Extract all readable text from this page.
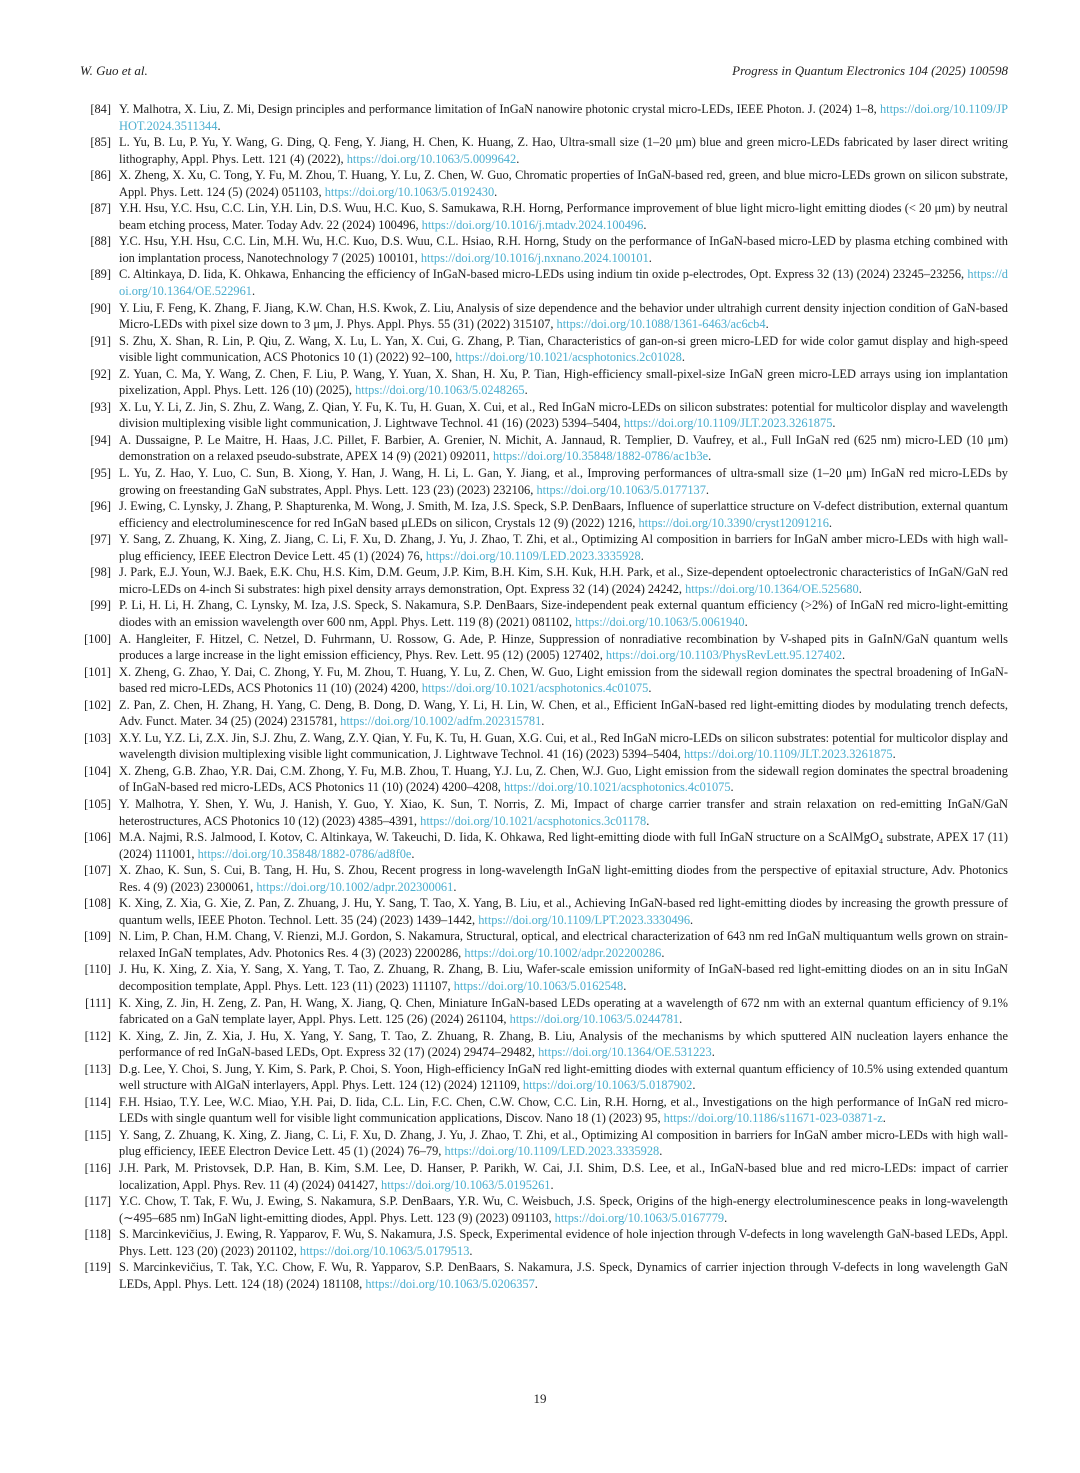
W. Guo et al.	Progress in Quantum Electronics 104 (2025) 100598
[84] Y. Malhotra, X. Liu, Z. Mi, Design principles and performance limitation of InGaN nanowire photonic crystal micro-LEDs, IEEE Photon. J. (2024) 1–8, https://doi.org/10.1109/JPHOT.2024.3511344.
[85] L. Yu, B. Lu, P. Yu, Y. Wang, G. Ding, Q. Feng, Y. Jiang, H. Chen, K. Huang, Z. Hao, Ultra-small size (1–20 μm) blue and green micro-LEDs fabricated by laser direct writing lithography, Appl. Phys. Lett. 121 (4) (2022), https://doi.org/10.1063/5.0099642.
[86] X. Zheng, X. Xu, C. Tong, Y. Fu, M. Zhou, T. Huang, Y. Lu, Z. Chen, W. Guo, Chromatic properties of InGaN-based red, green, and blue micro-LEDs grown on silicon substrate, Appl. Phys. Lett. 124 (5) (2024) 051103, https://doi.org/10.1063/5.0192430.
[87] Y.H. Hsu, Y.C. Hsu, C.C. Lin, Y.H. Lin, D.S. Wuu, H.C. Kuo, S. Samukawa, R.H. Horng, Performance improvement of blue light micro-light emitting diodes (< 20 μm) by neutral beam etching process, Mater. Today Adv. 22 (2024) 100496, https://doi.org/10.1016/j.mtadv.2024.100496.
[88] Y.C. Hsu, Y.H. Hsu, C.C. Lin, M.H. Wu, H.C. Kuo, D.S. Wuu, C.L. Hsiao, R.H. Horng, Study on the performance of InGaN-based micro-LED by plasma etching combined with ion implantation process, Nanotechnology 7 (2025) 100101, https://doi.org/10.1016/j.nxnano.2024.100101.
[89] C. Altinkaya, D. Iida, K. Ohkawa, Enhancing the efficiency of InGaN-based micro-LEDs using indium tin oxide p-electrodes, Opt. Express 32 (13) (2024) 23245–23256, https://doi.org/10.1364/OE.522961.
[90] Y. Liu, F. Feng, K. Zhang, F. Jiang, K.W. Chan, H.S. Kwok, Z. Liu, Analysis of size dependence and the behavior under ultrahigh current density injection condition of GaN-based Micro-LEDs with pixel size down to 3 μm, J. Phys. Appl. Phys. 55 (31) (2022) 315107, https://doi.org/10.1088/1361-6463/ac6cb4.
[91] S. Zhu, X. Shan, R. Lin, P. Qiu, Z. Wang, X. Lu, L. Yan, X. Cui, G. Zhang, P. Tian, Characteristics of gan-on-si green micro-LED for wide color gamut display and high-speed visible light communication, ACS Photonics 10 (1) (2022) 92–100, https://doi.org/10.1021/acsphotonics.2c01028.
[92] Z. Yuan, C. Ma, Y. Wang, Z. Chen, F. Liu, P. Wang, Y. Yuan, X. Shan, H. Xu, P. Tian, High-efficiency small-pixel-size InGaN green micro-LED arrays using ion implantation pixelization, Appl. Phys. Lett. 126 (10) (2025), https://doi.org/10.1063/5.0248265.
[93] X. Lu, Y. Li, Z. Jin, S. Zhu, Z. Wang, Z. Qian, Y. Fu, K. Tu, H. Guan, X. Cui, et al., Red InGaN micro-LEDs on silicon substrates: potential for multicolor display and wavelength division multiplexing visible light communication, J. Lightwave Technol. 41 (16) (2023) 5394–5404, https://doi.org/10.1109/JLT.2023.3261875.
[94] A. Dussaigne, P. Le Maitre, H. Haas, J.C. Pillet, F. Barbier, A. Grenier, N. Michit, A. Jannaud, R. Templier, D. Vaufrey, et al., Full InGaN red (625 nm) micro-LED (10 μm) demonstration on a relaxed pseudo-substrate, APEX 14 (9) (2021) 092011, https://doi.org/10.35848/1882-0786/ac1b3e.
[95] L. Yu, Z. Hao, Y. Luo, C. Sun, B. Xiong, Y. Han, J. Wang, H. Li, L. Gan, Y. Jiang, et al., Improving performances of ultra-small size (1–20 μm) InGaN red micro-LEDs by growing on freestanding GaN substrates, Appl. Phys. Lett. 123 (23) (2023) 232106, https://doi.org/10.1063/5.0177137.
[96] J. Ewing, C. Lynsky, J. Zhang, P. Shapturenka, M. Wong, J. Smith, M. Iza, J.S. Speck, S.P. DenBaars, Influence of superlattice structure on V-defect distribution, external quantum efficiency and electroluminescence for red InGaN based μLEDs on silicon, Crystals 12 (9) (2022) 1216, https://doi.org/10.3390/cryst12091216.
[97] Y. Sang, Z. Zhuang, K. Xing, Z. Jiang, C. Li, F. Xu, D. Zhang, J. Yu, J. Zhao, T. Zhi, et al., Optimizing Al composition in barriers for InGaN amber micro-LEDs with high wall-plug efficiency, IEEE Electron Device Lett. 45 (1) (2024) 76, https://doi.org/10.1109/LED.2023.3335928.
[98] J. Park, E.J. Youn, W.J. Baek, E.K. Chu, H.S. Kim, D.M. Geum, J.P. Kim, B.H. Kim, S.H. Kuk, H.H. Park, et al., Size-dependent optoelectronic characteristics of InGaN/GaN red micro-LEDs on 4-inch Si substrates: high pixel density arrays demonstration, Opt. Express 32 (14) (2024) 24242, https://doi.org/10.1364/OE.525680.
[99] P. Li, H. Li, H. Zhang, C. Lynsky, M. Iza, J.S. Speck, S. Nakamura, S.P. DenBaars, Size-independent peak external quantum efficiency (>2%) of InGaN red micro-light-emitting diodes with an emission wavelength over 600 nm, Appl. Phys. Lett. 119 (8) (2021) 081102, https://doi.org/10.1063/5.0061940.
[100] A. Hangleiter, F. Hitzel, C. Netzel, D. Fuhrmann, U. Rossow, G. Ade, P. Hinze, Suppression of nonradiative recombination by V-shaped pits in GaInN/GaN quantum wells produces a large increase in the light emission efficiency, Phys. Rev. Lett. 95 (12) (2005) 127402, https://doi.org/10.1103/PhysRevLett.95.127402.
[101] X. Zheng, G. Zhao, Y. Dai, C. Zhong, Y. Fu, M. Zhou, T. Huang, Y. Lu, Z. Chen, W. Guo, Light emission from the sidewall region dominates the spectral broadening of InGaN-based red micro-LEDs, ACS Photonics 11 (10) (2024) 4200, https://doi.org/10.1021/acsphotonics.4c01075.
[102] Z. Pan, Z. Chen, H. Zhang, H. Yang, C. Deng, B. Dong, D. Wang, Y. Li, H. Lin, W. Chen, et al., Efficient InGaN-based red light-emitting diodes by modulating trench defects, Adv. Funct. Mater. 34 (25) (2024) 2315781, https://doi.org/10.1002/adfm.202315781.
[103] X.Y. Lu, Y.Z. Li, Z.X. Jin, S.J. Zhu, Z. Wang, Z.Y. Qian, Y. Fu, K. Tu, H. Guan, X.G. Cui, et al., Red InGaN micro-LEDs on silicon substrates: potential for multicolor display and wavelength division multiplexing visible light communication, J. Lightwave Technol. 41 (16) (2023) 5394–5404, https://doi.org/10.1109/JLT.2023.3261875.
[104] X. Zheng, G.B. Zhao, Y.R. Dai, C.M. Zhong, Y. Fu, M.B. Zhou, T. Huang, Y.J. Lu, Z. Chen, W.J. Guo, Light emission from the sidewall region dominates the spectral broadening of InGaN-based red micro-LEDs, ACS Photonics 11 (10) (2024) 4200–4208, https://doi.org/10.1021/acsphotonics.4c01075.
[105] Y. Malhotra, Y. Shen, Y. Wu, J. Hanish, Y. Guo, Y. Xiao, K. Sun, T. Norris, Z. Mi, Impact of charge carrier transfer and strain relaxation on red-emitting InGaN/GaN heterostructures, ACS Photonics 10 (12) (2023) 4385–4391, https://doi.org/10.1021/acsphotonics.3c01178.
[106] M.A. Najmi, R.S. Jalmood, I. Kotov, C. Altinkaya, W. Takeuchi, D. Iida, K. Ohkawa, Red light-emitting diode with full InGaN structure on a ScAlMgO₄ substrate, APEX 17 (11) (2024) 111001, https://doi.org/10.35848/1882-0786/ad8f0e.
[107] X. Zhao, K. Sun, S. Cui, B. Tang, H. Hu, S. Zhou, Recent progress in long-wavelength InGaN light-emitting diodes from the perspective of epitaxial structure, Adv. Photonics Res. 4 (9) (2023) 2300061, https://doi.org/10.1002/adpr.202300061.
[108] K. Xing, Z. Xia, G. Xie, Z. Pan, Z. Zhuang, J. Hu, Y. Sang, T. Tao, X. Yang, B. Liu, et al., Achieving InGaN-based red light-emitting diodes by increasing the growth pressure of quantum wells, IEEE Photon. Technol. Lett. 35 (24) (2023) 1439–1442, https://doi.org/10.1109/LPT.2023.3330496.
[109] N. Lim, P. Chan, H.M. Chang, V. Rienzi, M.J. Gordon, S. Nakamura, Structural, optical, and electrical characterization of 643 nm red InGaN multiquantum wells grown on strain-relaxed InGaN templates, Adv. Photonics Res. 4 (3) (2023) 2200286, https://doi.org/10.1002/adpr.202200286.
[110] J. Hu, K. Xing, Z. Xia, Y. Sang, X. Yang, T. Tao, Z. Zhuang, R. Zhang, B. Liu, Wafer-scale emission uniformity of InGaN-based red light-emitting diodes on an in situ InGaN decomposition template, Appl. Phys. Lett. 123 (11) (2023) 111107, https://doi.org/10.1063/5.0162548.
[111] K. Xing, Z. Jin, H. Zeng, Z. Pan, H. Wang, X. Jiang, Q. Chen, Miniature InGaN-based LEDs operating at a wavelength of 672 nm with an external quantum efficiency of 9.1% fabricated on a GaN template layer, Appl. Phys. Lett. 125 (26) (2024) 261104, https://doi.org/10.1063/5.0244781.
[112] K. Xing, Z. Jin, Z. Xia, J. Hu, X. Yang, Y. Sang, T. Tao, Z. Zhuang, R. Zhang, B. Liu, Analysis of the mechanisms by which sputtered AlN nucleation layers enhance the performance of red InGaN-based LEDs, Opt. Express 32 (17) (2024) 29474–29482, https://doi.org/10.1364/OE.531223.
[113] D.g. Lee, Y. Choi, S. Jung, Y. Kim, S. Park, P. Choi, S. Yoon, High-efficiency InGaN red light-emitting diodes with external quantum efficiency of 10.5% using extended quantum well structure with AlGaN interlayers, Appl. Phys. Lett. 124 (12) (2024) 121109, https://doi.org/10.1063/5.0187902.
[114] F.H. Hsiao, T.Y. Lee, W.C. Miao, Y.H. Pai, D. Iida, C.L. Lin, F.C. Chen, C.W. Chow, C.C. Lin, R.H. Horng, et al., Investigations on the high performance of InGaN red micro-LEDs with single quantum well for visible light communication applications, Discov. Nano 18 (1) (2023) 95, https://doi.org/10.1186/s11671-023-03871-z.
[115] Y. Sang, Z. Zhuang, K. Xing, Z. Jiang, C. Li, F. Xu, D. Zhang, J. Yu, J. Zhao, T. Zhi, et al., Optimizing Al composition in barriers for InGaN amber micro-LEDs with high wall-plug efficiency, IEEE Electron Device Lett. 45 (1) (2024) 76–79, https://doi.org/10.1109/LED.2023.3335928.
[116] J.H. Park, M. Pristovsek, D.P. Han, B. Kim, S.M. Lee, D. Hanser, P. Parikh, W. Cai, J.I. Shim, D.S. Lee, et al., InGaN-based blue and red micro-LEDs: impact of carrier localization, Appl. Phys. Rev. 11 (4) (2024) 041427, https://doi.org/10.1063/5.0195261.
[117] Y.C. Chow, T. Tak, F. Wu, J. Ewing, S. Nakamura, S.P. DenBaars, Y.R. Wu, C. Weisbuch, J.S. Speck, Origins of the high-energy electroluminescence peaks in long-wavelength (∼495–685 nm) InGaN light-emitting diodes, Appl. Phys. Lett. 123 (9) (2023) 091103, https://doi.org/10.1063/5.0167779.
[118] S. Marcinkevičius, J. Ewing, R. Yapparov, F. Wu, S. Nakamura, J.S. Speck, Experimental evidence of hole injection through V-defects in long wavelength GaN-based LEDs, Appl. Phys. Lett. 123 (20) (2023) 201102, https://doi.org/10.1063/5.0179513.
[119] S. Marcinkevičius, T. Tak, Y.C. Chow, F. Wu, R. Yapparov, S.P. DenBaars, S. Nakamura, J.S. Speck, Dynamics of carrier injection through V-defects in long wavelength GaN LEDs, Appl. Phys. Lett. 124 (18) (2024) 181108, https://doi.org/10.1063/5.0206357.
19
